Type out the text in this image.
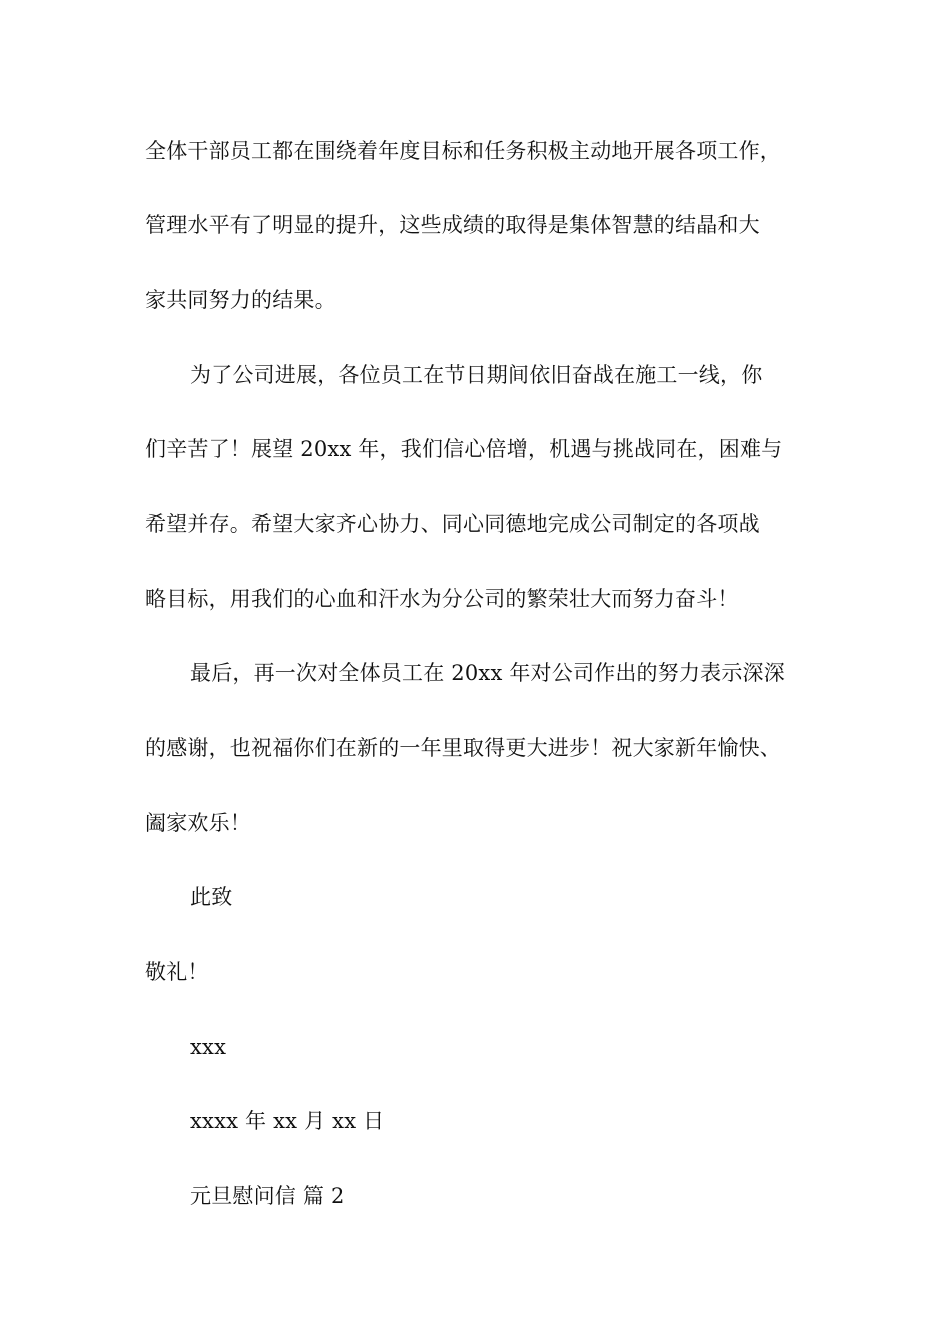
全体干部员工都在围绕着年度目标和任务积极主动地开展各项工作，
管理水平有了明显的提升，这些成绩的取得是集体智慧的结晶和大
家共同努力的结果。
为了公司进展，各位员工在节日期间依旧奋战在施工一线，你
们辛苦了！展望 20xx 年，我们信心倍增，机遇与挑战同在，困难与
希望并存。希望大家齐心协力、同心同德地完成公司制定的各项战
略目标，用我们的心血和汗水为分公司的繁荣壮大而努力奋斗！
最后，再一次对全体员工在 20xx 年对公司作出的努力表示深深
的感谢，也祝福你们在新的一年里取得更大进步！祝大家新年愉快、
阖家欢乐！
此致
敬礼！
xxx
xxxx 年 xx 月 xx 日
元旦慰问信 篇 2
